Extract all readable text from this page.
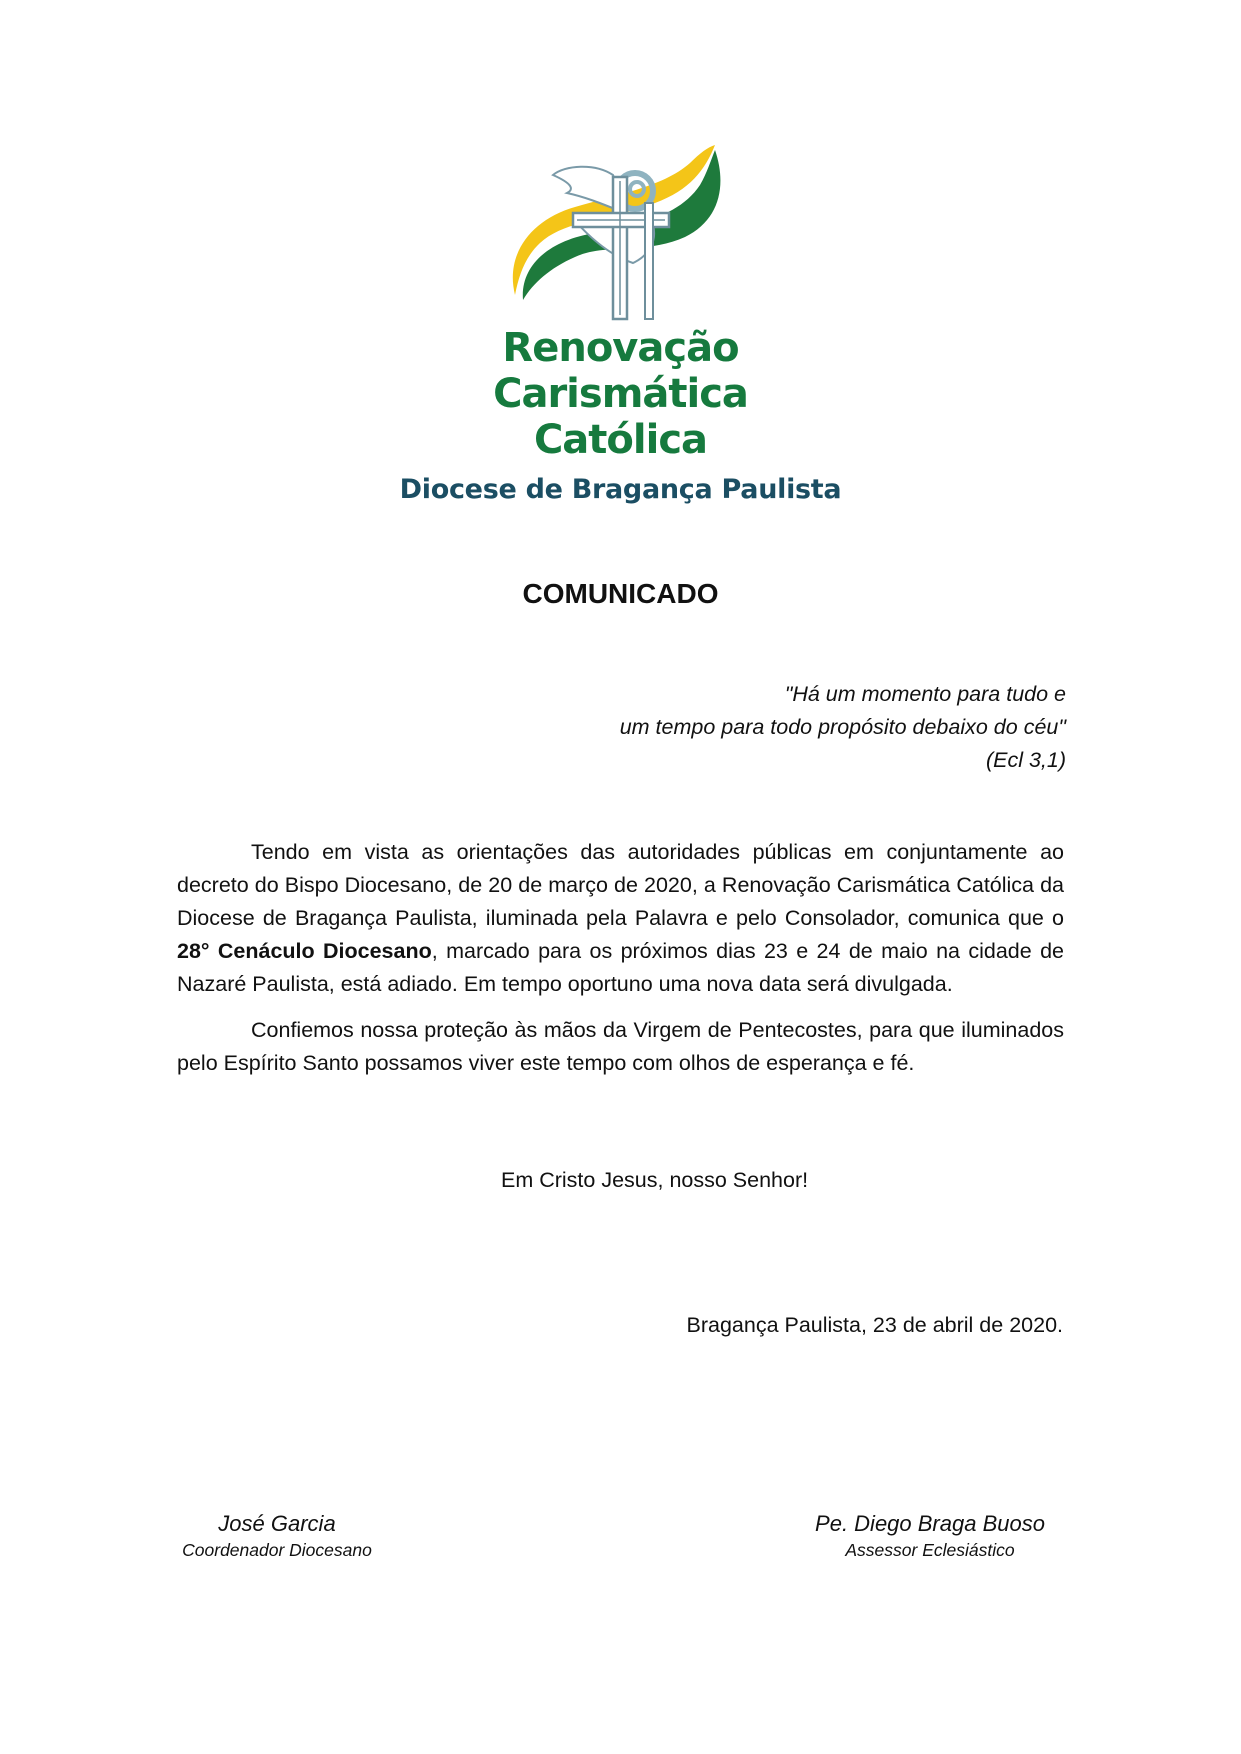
Renovação
Carismática
Católica
Diocese de Bragança Paulista
COMUNICADO
"Há um momento para tudo e
um tempo para todo propósito debaixo do céu"
(Ecl 3,1)

Tendo em vista as orientações das autoridades públicas em conjuntamente ao decreto do Bispo Diocesano, de 20 de março de 2020, a Renovação Carismática Católica da Diocese de Bragança Paulista, iluminada pela Palavra e pelo Consolador, comunica que o 28° Cenáculo Diocesano, marcado para os próximos dias 23 e 24 de maio na cidade de Nazaré Paulista, está adiado. Em tempo oportuno uma nova data será divulgada.

Confiemos nossa proteção às mãos da Virgem de Pentecostes, para que iluminados pelo Espírito Santo possamos viver este tempo com olhos de esperança e fé.

Em Cristo Jesus, nosso Senhor!
Bragança Paulista, 23 de abril de 2020.
José Garcia
Coordenador Diocesano
Pe. Diego Braga Buoso
Assessor Eclesiástico
